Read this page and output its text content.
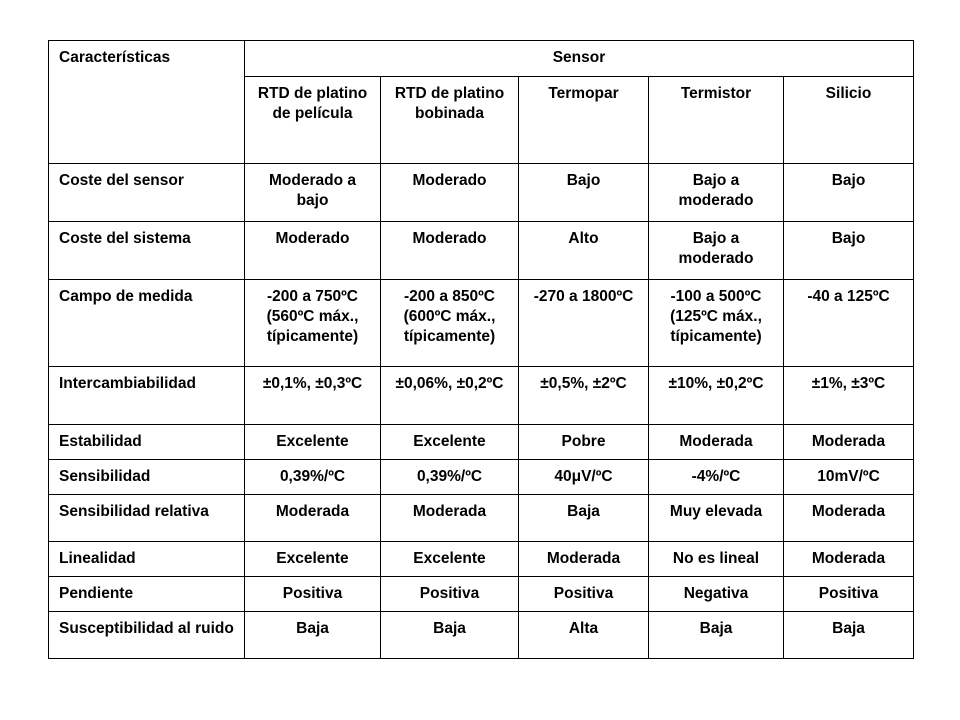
Características	Sensor				
	RTD de platino de película	RTD de platino bobinada	Termopar	Termistor	Silicio
Coste del sensor	Moderado a bajo	Moderado	Bajo	Bajo a moderado	Bajo
Coste del sistema	Moderado	Moderado	Alto	Bajo a moderado	Bajo
Campo de medida	-200 a 750ºC (560ºC máx., típicamente)	-200 a 850ºC (600ºC máx., típicamente)	-270 a 1800ºC	-100 a 500ºC (125ºC máx., típicamente)	-40 a 125ºC
Intercambiabilidad	±0,1%, ±0,3ºC	±0,06%, ±0,2ºC	±0,5%, ±2ºC	±10%, ±0,2ºC	±1%, ±3ºC
Estabilidad	Excelente	Excelente	Pobre	Moderada	Moderada
Sensibilidad	0,39%/ºC	0,39%/ºC	40μV/ºC	-4%/ºC	10mV/ºC
Sensibilidad relativa	Moderada	Moderada	Baja	Muy elevada	Moderada
Linealidad	Excelente	Excelente	Moderada	No es lineal	Moderada
Pendiente	Positiva	Positiva	Positiva	Negativa	Positiva
Susceptibilidad al ruido	Baja	Baja	Alta	Baja	Baja
